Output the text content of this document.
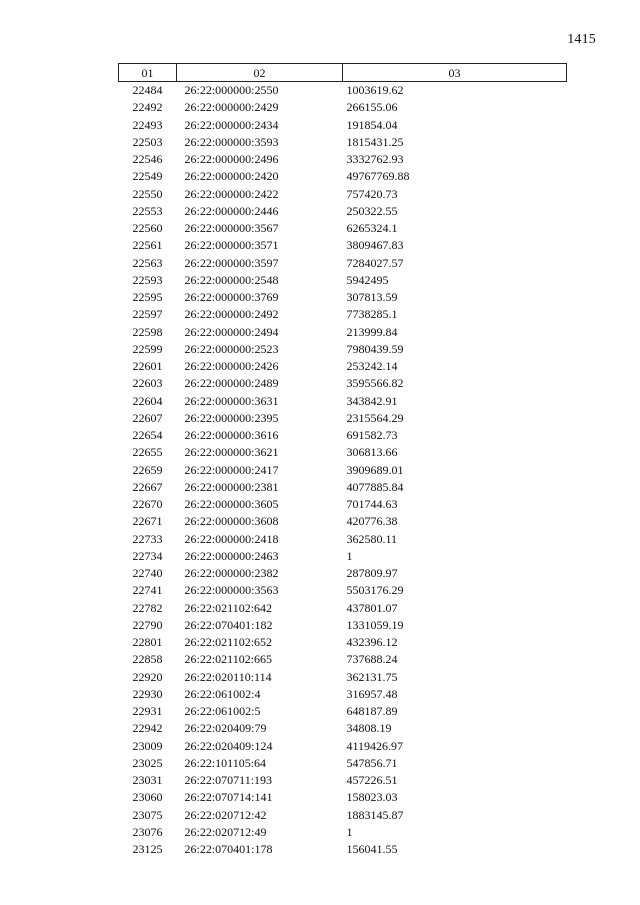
1415
01	02	03
22484	26:22:000000:2550	1003619.62
22492	26:22:000000:2429	266155.06
22493	26:22:000000:2434	191854.04
22503	26:22:000000:3593	1815431.25
22546	26:22:000000:2496	3332762.93
22549	26:22:000000:2420	49767769.88
22550	26:22:000000:2422	757420.73
22553	26:22:000000:2446	250322.55
22560	26:22:000000:3567	6265324.1
22561	26:22:000000:3571	3809467.83
22563	26:22:000000:3597	7284027.57
22593	26:22:000000:2548	5942495
22595	26:22:000000:3769	307813.59
22597	26:22:000000:2492	7738285.1
22598	26:22:000000:2494	213999.84
22599	26:22:000000:2523	7980439.59
22601	26:22:000000:2426	253242.14
22603	26:22:000000:2489	3595566.82
22604	26:22:000000:3631	343842.91
22607	26:22:000000:2395	2315564.29
22654	26:22:000000:3616	691582.73
22655	26:22:000000:3621	306813.66
22659	26:22:000000:2417	3909689.01
22667	26:22:000000:2381	4077885.84
22670	26:22:000000:3605	701744.63
22671	26:22:000000:3608	420776.38
22733	26:22:000000:2418	362580.11
22734	26:22:000000:2463	1
22740	26:22:000000:2382	287809.97
22741	26:22:000000:3563	5503176.29
22782	26:22:021102:642	437801.07
22790	26:22:070401:182	1331059.19
22801	26:22:021102:652	432396.12
22858	26:22:021102:665	737688.24
22920	26:22:020110:114	362131.75
22930	26:22:061002:4	316957.48
22931	26:22:061002:5	648187.89
22942	26:22:020409:79	34808.19
23009	26:22:020409:124	4119426.97
23025	26:22:101105:64	547856.71
23031	26:22:070711:193	457226.51
23060	26:22:070714:141	158023.03
23075	26:22:020712:42	1883145.87
23076	26:22:020712:49	1
23125	26:22:070401:178	156041.55
